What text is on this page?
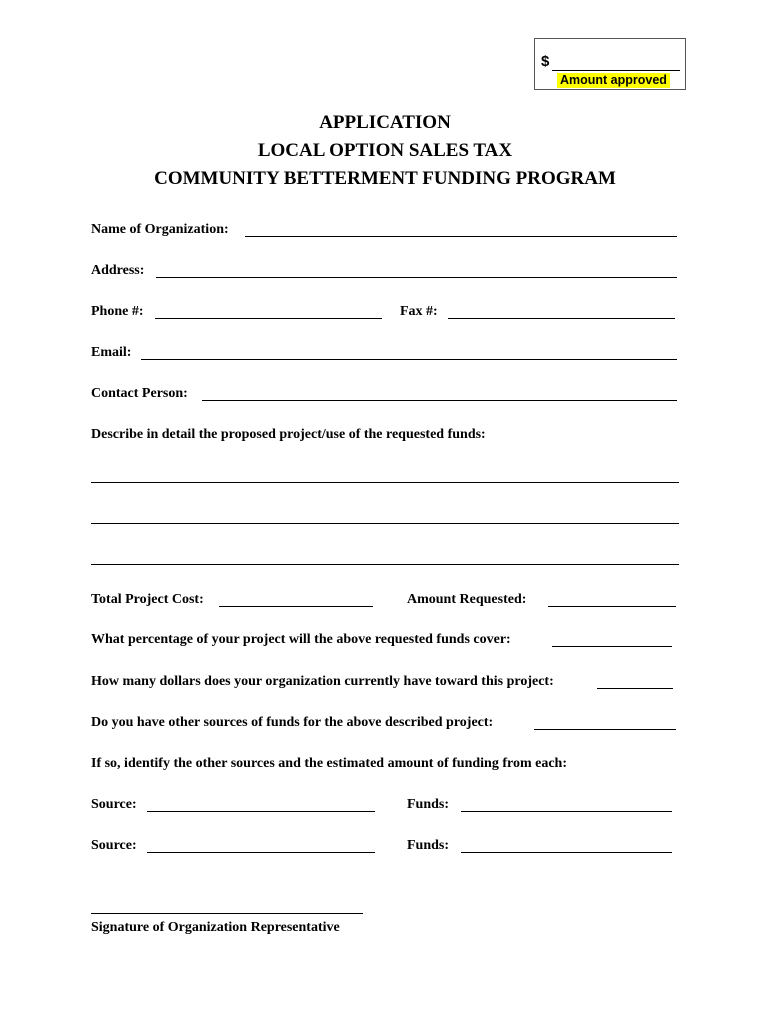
$
Amount approved
APPLICATION
LOCAL OPTION SALES TAX
COMMUNITY BETTERMENT FUNDING PROGRAM
Name of Organization:
Address:
Phone #:	Fax #:
Email:
Contact Person:
Describe in detail the proposed project/use of the requested funds:
Total Project Cost:	Amount Requested:
What percentage of your project will the above requested funds cover:
How many dollars does your organization currently have toward this project:
Do you have other sources of funds for the above described project:
If so, identify the other sources and the estimated amount of funding from each:
Source:	Funds:
Source:	Funds:
Signature of Organization Representative
